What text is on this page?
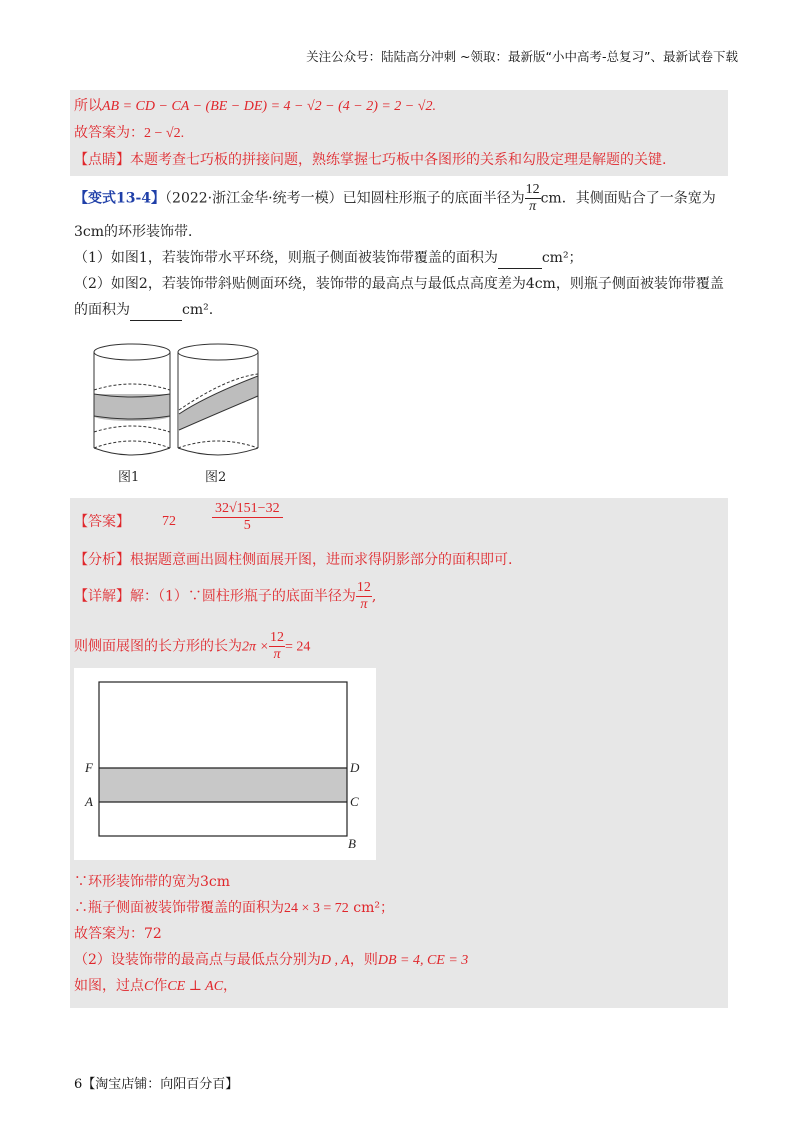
关注公众号：陆陆高分冲刺 ~领取：最新版“小中高考-总复习”、最新试卷下载
所以AB = CD − CA − (BE − DE) = 4 − √2 − (4 − 2) = 2 − √2.
故答案为：2 − √2.
【点睛】本题考查七巧板的拼接问题，熟练掌握七巧板中各图形的关系和勾股定理是解题的关键.
【变式13-4】（2022·浙江金华·统考一模）已知圆柱形瓶子的底面半径为 $\frac{12}{\pi}$ cm．其侧面贴合了一条宽为
3cm的环形装饰带．
（1）如图1，若装饰带水平环绕，则瓶子侧面被装饰带覆盖的面积为	cm²；
（2）如图2，若装饰带斜贴侧面环绕，装饰带的最高点与最低点高度差为4cm，则瓶子侧面被装饰带覆盖
的面积为	cm².
图1	图2
【答案】 72	$\frac{32√151-32}{5}$
【分析】根据题意画出圆柱侧面展开图，进而求得阴影部分的面积即可.
【详解】解：（1）∵圆柱形瓶子的底面半径为 $\frac{12}{\pi}$ ,
则侧面展图的长方形的长为$2\pi \times \frac{12}{\pi} = 24$
F
A
D
C
B
∵环形装饰带的宽为3cm
∴瓶子侧面被装饰带覆盖的面积为24 × 3 = 72 cm²；
故答案为：72
（2）设装饰带的最高点与最低点分别为D , A，则DB = 4, CE = 3
如图，过点C作CE ⊥ AC，
6【淘宝店铺：向阳百分百】
